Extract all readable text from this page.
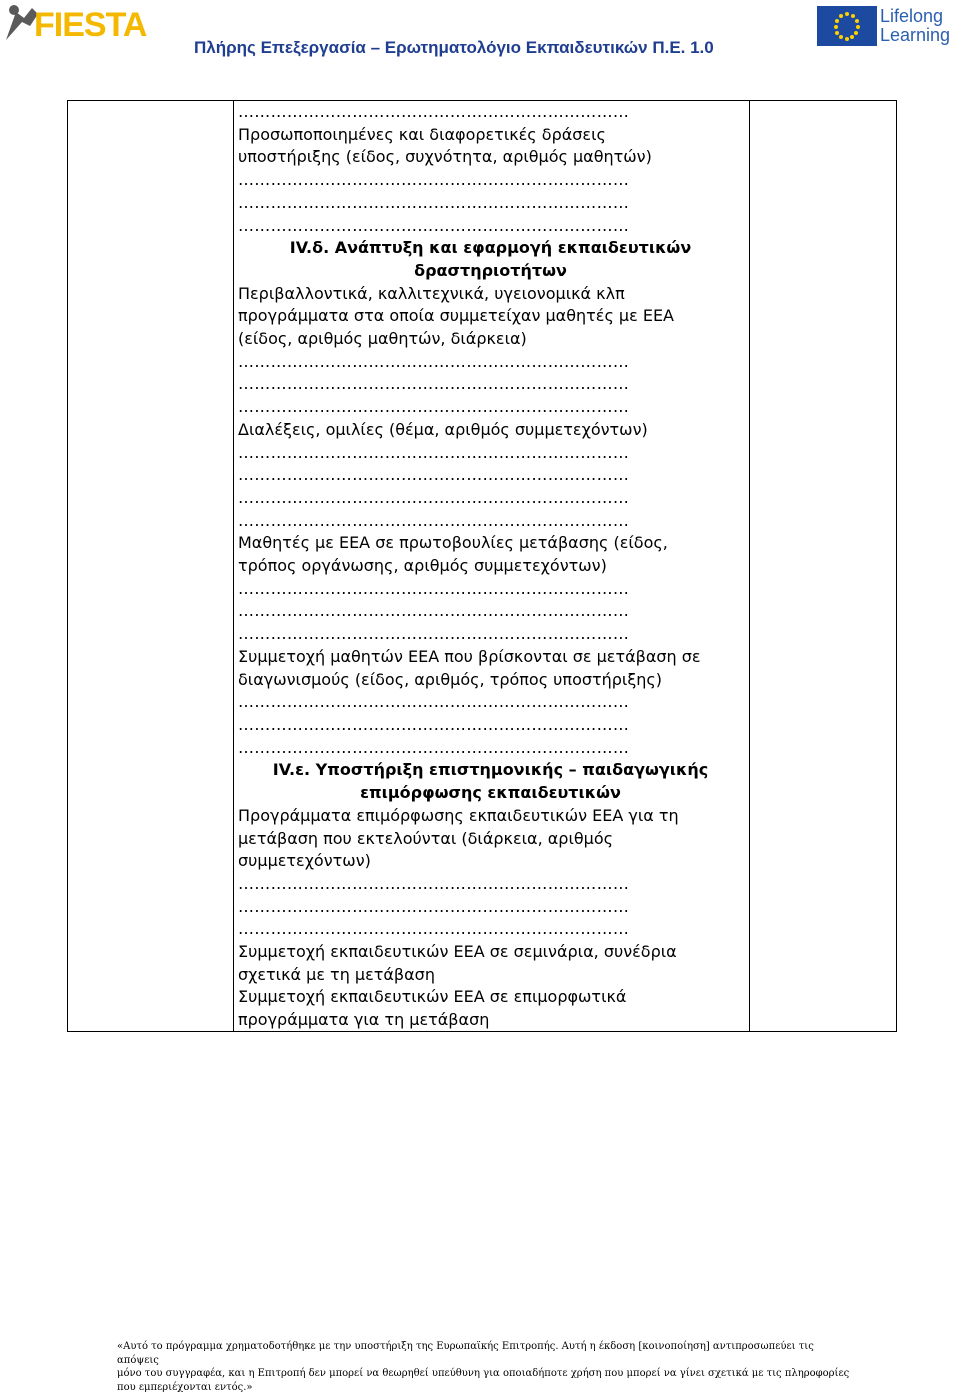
FIESTA
Πλήρης Επεξεργασία – Ερωτηματολόγιο Εκπαιδευτικών Π.Ε. 1.0
Lifelong
Learning
………………………………………………………………
Προσωποποιημένες και διαφορετικές δράσεις
υποστήριξης (είδος, συχνότητα, αριθμός μαθητών)
………………………………………………………………
………………………………………………………………
………………………………………………………………
IV.δ. Ανάπτυξη και εφαρμογή εκπαιδευτικών
δραστηριοτήτων
Περιβαλλοντικά, καλλιτεχνικά, υγειονομικά κλπ
προγράμματα στα οποία συμμετείχαν μαθητές με ΕΕΑ
(είδος, αριθμός μαθητών, διάρκεια)
………………………………………………………………
………………………………………………………………
………………………………………………………………
Διαλέξεις, ομιλίες (θέμα, αριθμός συμμετεχόντων)
………………………………………………………………
………………………………………………………………
………………………………………………………………
………………………………………………………………
Μαθητές με ΕΕΑ σε πρωτοβουλίες μετάβασης (είδος,
τρόπος οργάνωσης, αριθμός συμμετεχόντων)
………………………………………………………………
………………………………………………………………
………………………………………………………………
Συμμετοχή μαθητών ΕΕΑ που βρίσκονται σε μετάβαση σε
διαγωνισμούς (είδος, αριθμός, τρόπος υποστήριξης)
………………………………………………………………
………………………………………………………………
………………………………………………………………
IV.ε. Υποστήριξη επιστημονικής – παιδαγωγικής
επιμόρφωσης εκπαιδευτικών
Προγράμματα επιμόρφωσης εκπαιδευτικών ΕΕΑ για τη
μετάβαση που εκτελούνται (διάρκεια, αριθμός
συμμετεχόντων)
………………………………………………………………
………………………………………………………………
………………………………………………………………
Συμμετοχή εκπαιδευτικών ΕΕΑ σε σεμινάρια, συνέδρια
σχετικά με τη μετάβαση
Συμμετοχή εκπαιδευτικών ΕΕΑ σε επιμορφωτικά
προγράμματα για τη μετάβαση
«Αυτό το πρόγραμμα χρηματοδοτήθηκε με την υποστήριξη της Ευρωπαϊκής Επιτροπής. Αυτή η έκδοση [κοινοποίηση] αντιπροσωπεύει τις απόψεις
μόνο του συγγραφέα, και η Επιτροπή δεν μπορεί να θεωρηθεί υπεύθυνη για οποιαδήποτε χρήση που μπορεί να γίνει σχετικά με τις πληροφορίες
που εμπεριέχονται εντός.»
